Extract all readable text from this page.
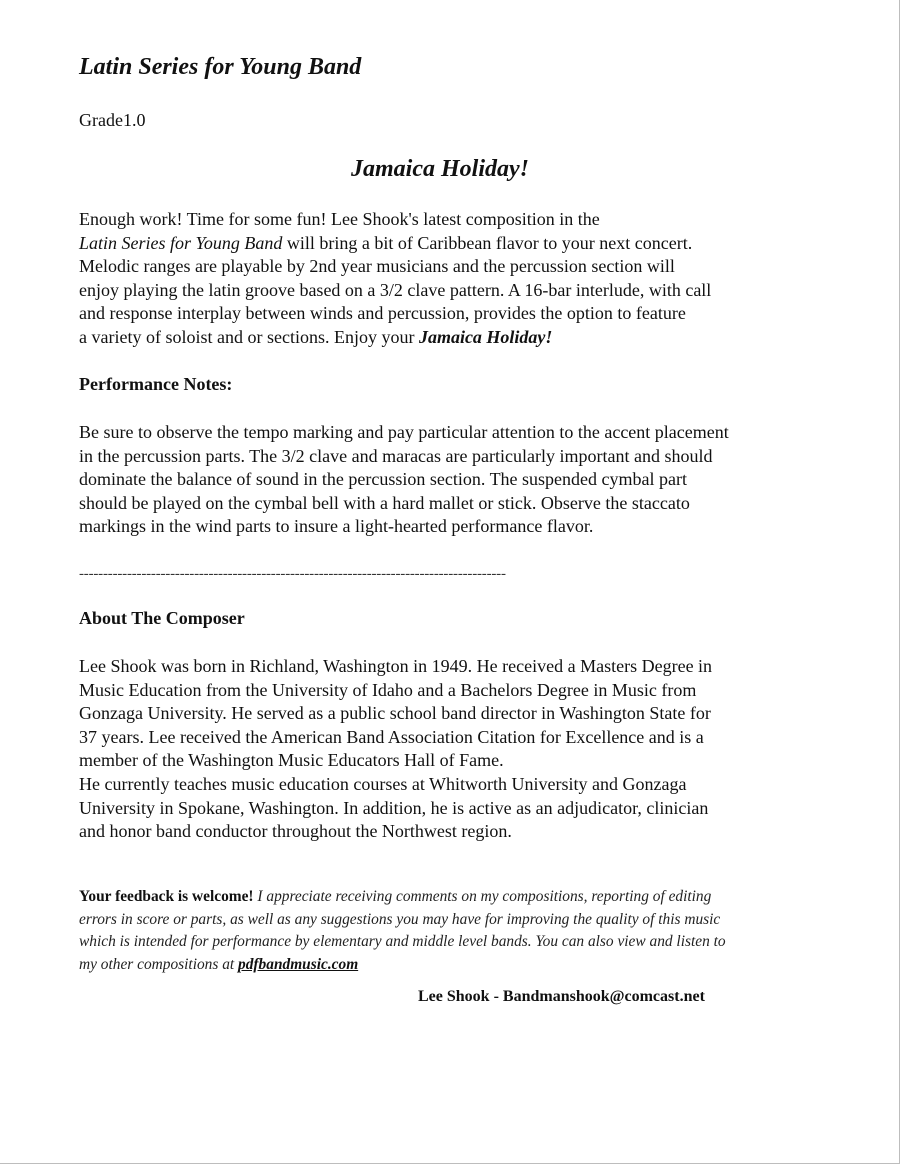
Latin Series for Young Band

Grade1.0

Jamaica Holiday!

Enough work! Time for some fun! Lee Shook's latest composition in the
Latin Series for Young Band will bring a bit of Caribbean flavor to your next concert.
Melodic ranges are playable by 2nd year musicians and the percussion section will
enjoy playing the latin groove based on a 3/2 clave pattern. A 16-bar interlude, with call
and response interplay between winds and percussion, provides the option to feature
a variety of soloist and or sections. Enjoy your Jamaica Holiday!

Performance Notes:

Be sure to observe the tempo marking and pay particular attention to the accent placement
in the percussion parts. The 3/2 clave and maracas are particularly important and should
dominate the balance of sound in the percussion section. The suspended cymbal part
should be played on the cymbal bell with a hard mallet or stick. Observe the staccato
markings in the wind parts to insure a light-hearted performance flavor.

-----------------------------------------------------------------------------------------

About The Composer

Lee Shook was born in Richland, Washington in 1949. He received a Masters Degree in
Music Education from the University of Idaho and a Bachelors Degree in Music from
Gonzaga University. He served as a public school band director in Washington State for
37 years. Lee received the American Band Association Citation for Excellence and is a
member of the Washington Music Educators Hall of Fame.
He currently teaches music education courses at Whitworth University and Gonzaga
University in Spokane, Washington. In addition, he is active as an adjudicator, clinician
and honor band conductor throughout the Northwest region.

Your feedback is welcome! I appreciate receiving comments on my compositions, reporting of editing
errors in score or parts, as well as any suggestions you may have for improving the quality of this music
which is intended for performance by elementary and middle level bands. You can also view and listen to
my other compositions at pdfbandmusic.com

Lee Shook - Bandmanshook@comcast.net
